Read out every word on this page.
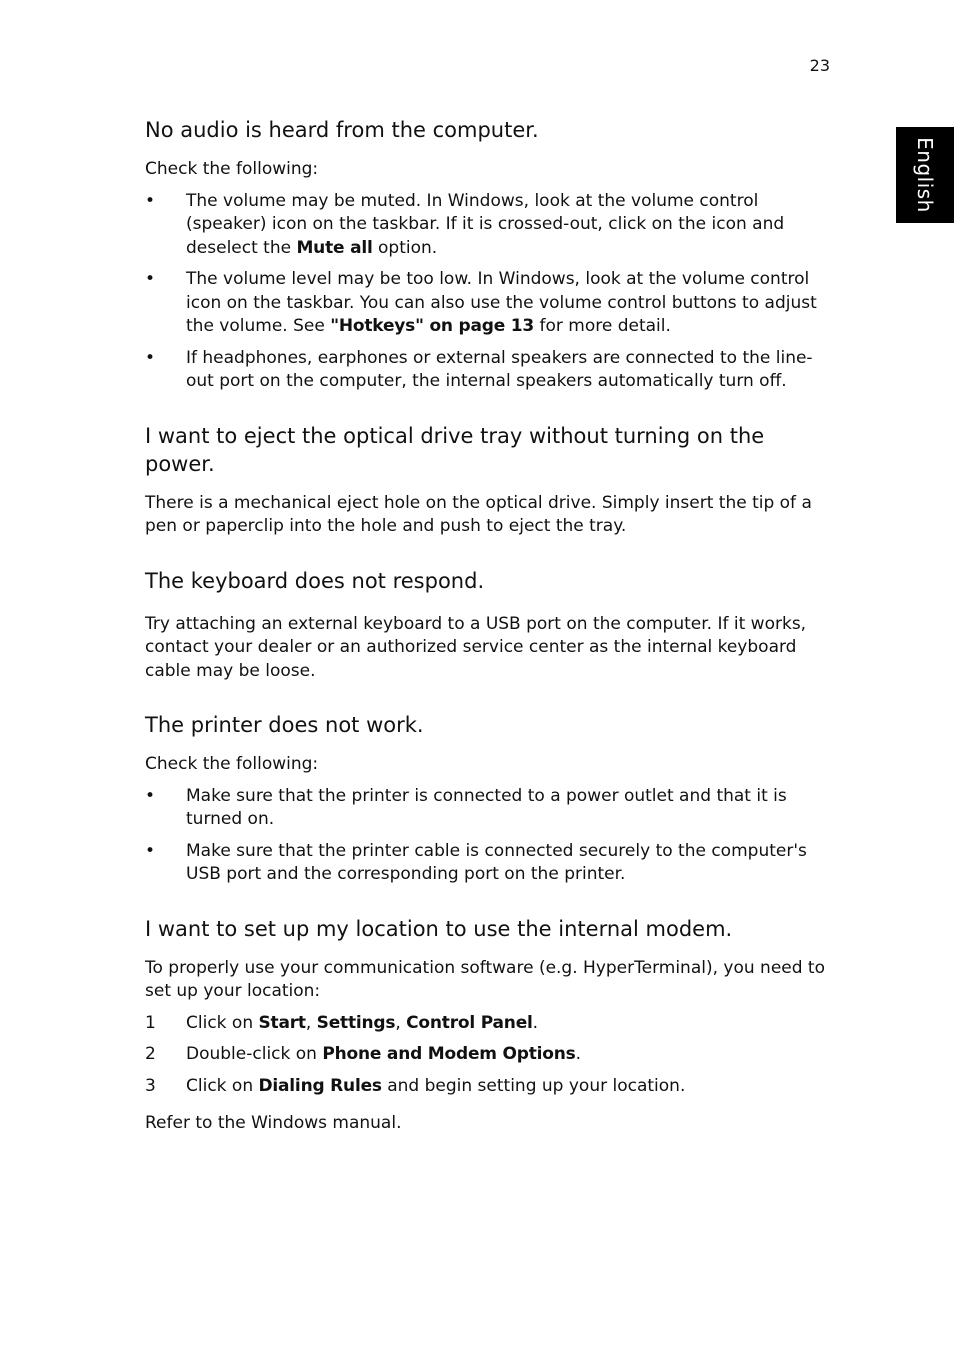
23
English
No audio is heard from the computer.

Check the following:

• The volume may be muted. In Windows, look at the volume control (speaker) icon on the taskbar. If it is crossed-out, click on the icon and deselect the Mute all option.
• The volume level may be too low. In Windows, look at the volume control icon on the taskbar. You can also use the volume control buttons to adjust the volume. See "Hotkeys" on page 13 for more detail.
• If headphones, earphones or external speakers are connected to the line-out port on the computer, the internal speakers automatically turn off.
I want to eject the optical drive tray without turning on the power.

There is a mechanical eject hole on the optical drive. Simply insert the tip of a pen or paperclip into the hole and push to eject the tray.

The keyboard does not respond.

Try attaching an external keyboard to a USB port on the computer. If it works, contact your dealer or an authorized service center as the internal keyboard cable may be loose.

The printer does not work.

Check the following:

• Make sure that the printer is connected to a power outlet and that it is turned on.
• Make sure that the printer cable is connected securely to the computer's USB port and the corresponding port on the printer.
I want to set up my location to use the internal modem.

To properly use your communication software (e.g. HyperTerminal), you need to set up your location:

1 Click on Start, Settings, Control Panel.
2 Double-click on Phone and Modem Options.
3 Click on Dialing Rules and begin setting up your location.

Refer to the Windows manual.
